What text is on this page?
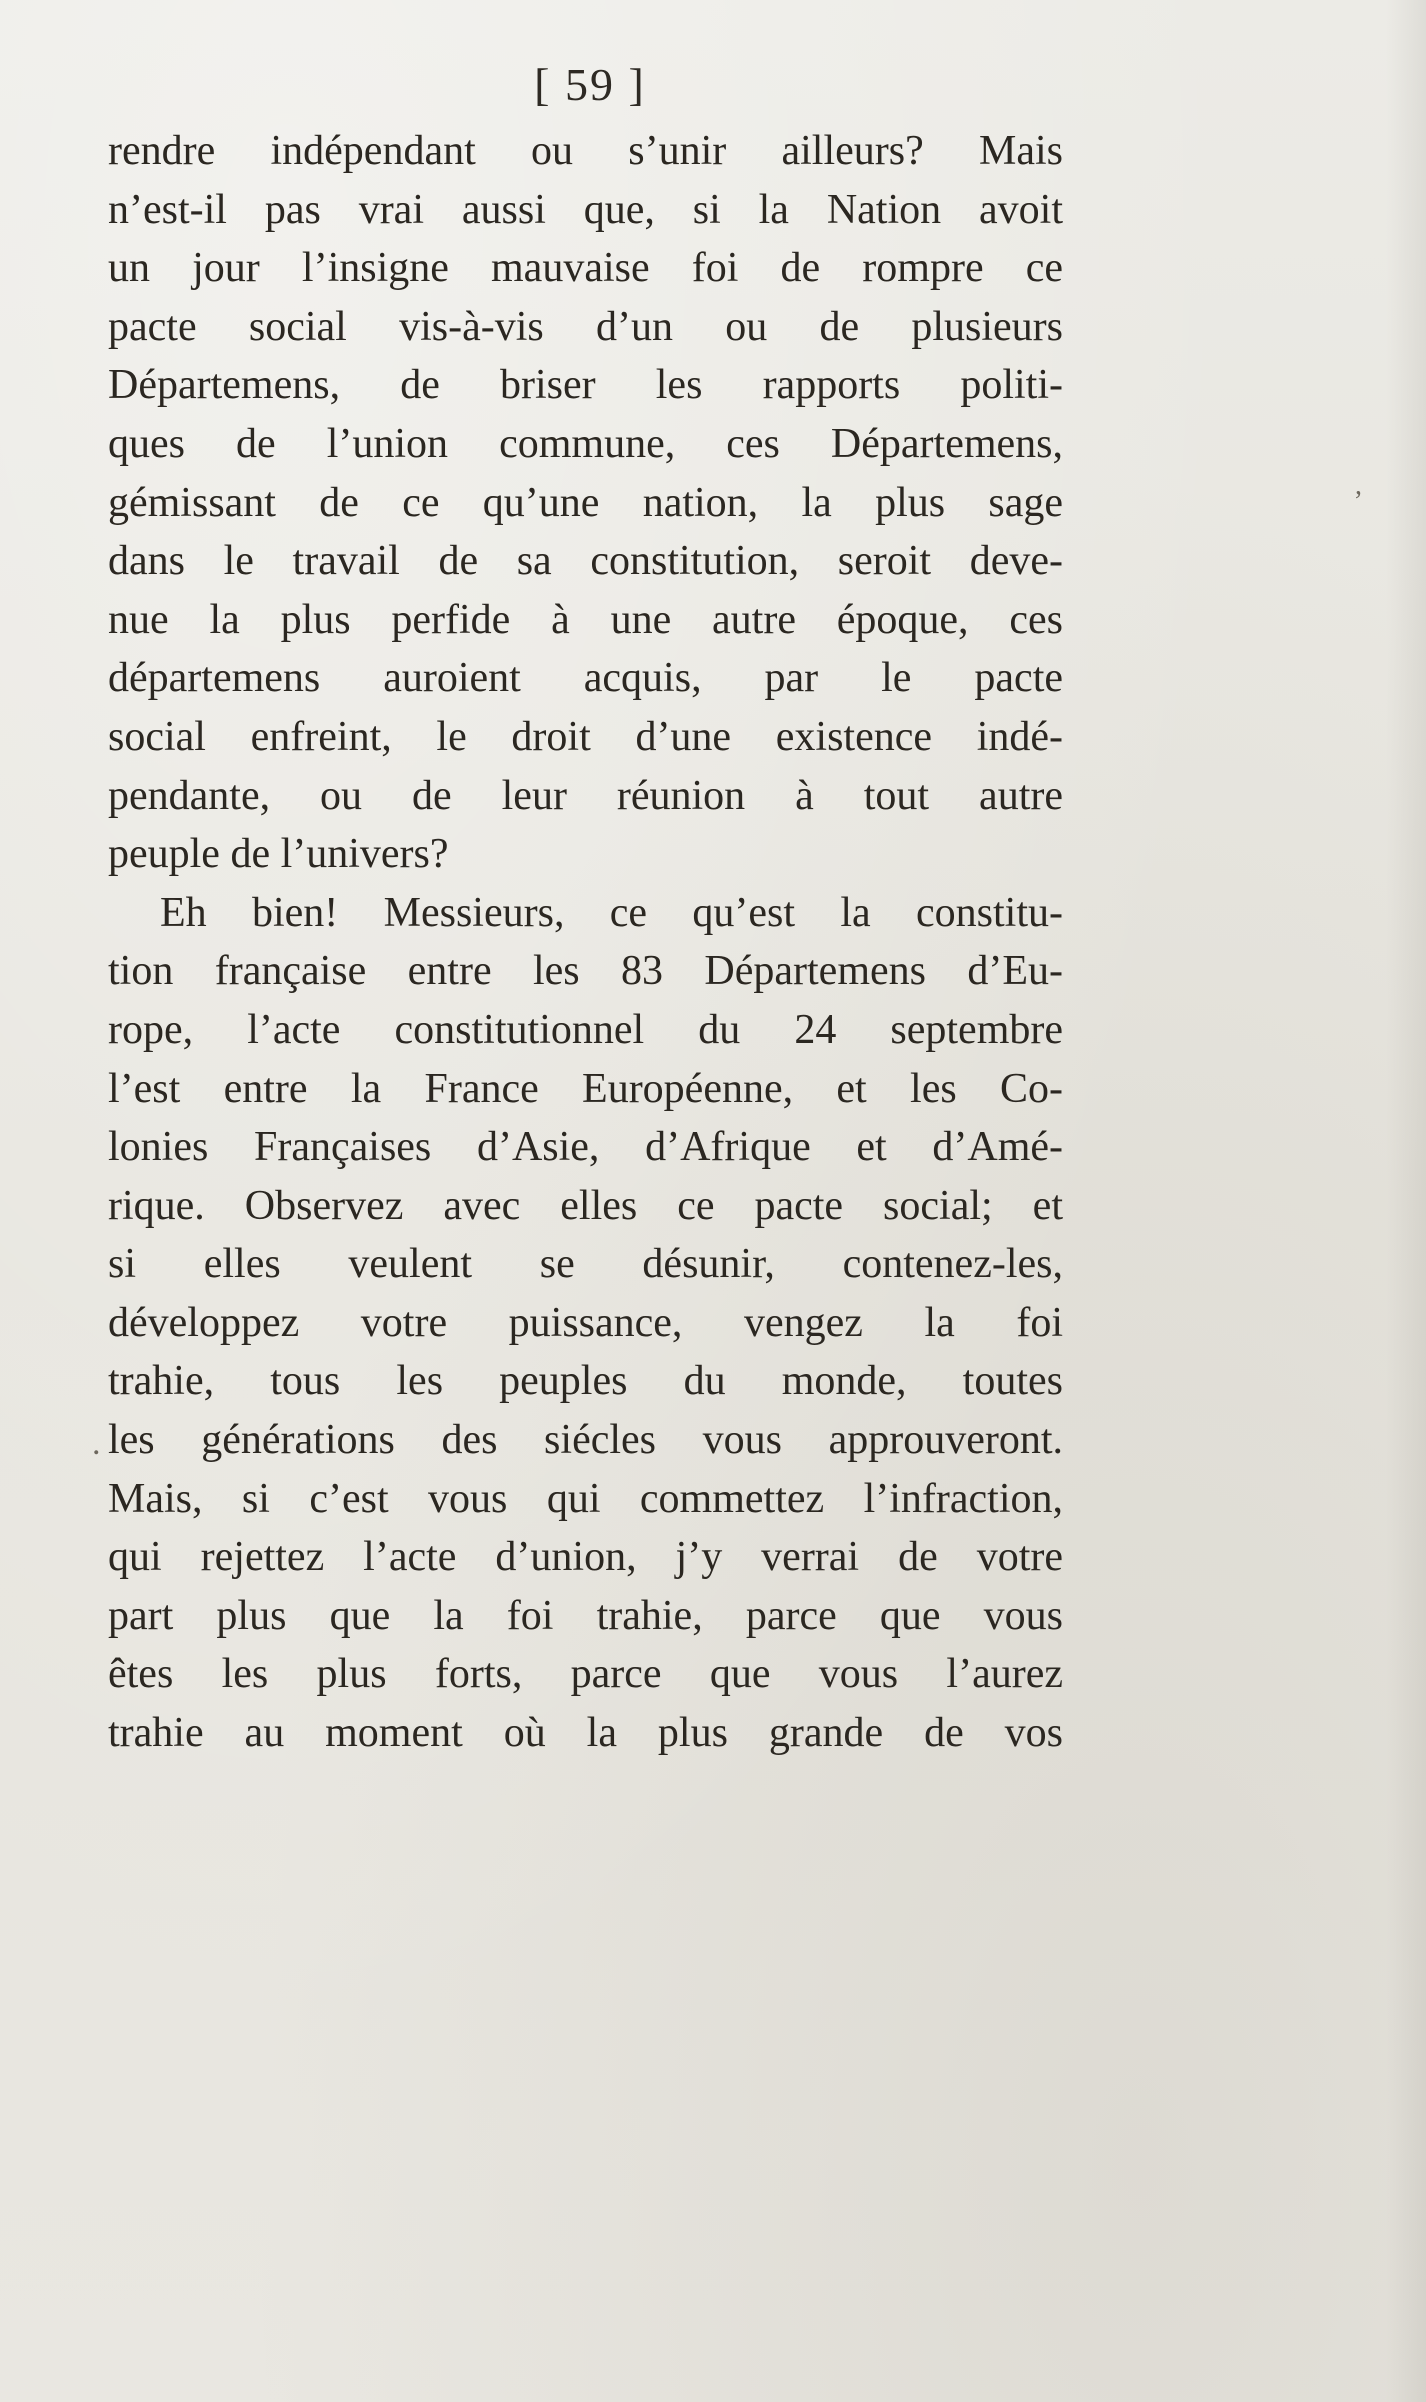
[ 59 ]
rendre indépendant ou s’unir ailleurs? Mais
n’est-il pas vrai aussi que, si la Nation avoit
un jour l’insigne mauvaise foi de rompre ce
pacte social vis-à-vis d’un ou de plusieurs
Départemens, de briser les rapports politi-
ques de l’union commune, ces Départemens,
gémissant de ce qu’une nation, la plus sage
dans le travail de sa constitution, seroit deve-
nue la plus perfide à une autre époque, ces
départemens auroient acquis, par le pacte
social enfreint, le droit d’une existence indé-
pendante, ou de leur réunion à tout autre
peuple de l’univers?
Eh bien! Messieurs, ce qu’est la constitu-
tion française entre les 83 Départemens d’Eu-
rope, l’acte constitutionnel du 24 septembre
l’est entre la France Européenne, et les Co-
lonies Françaises d’Asie, d’Afrique et d’Amé-
rique. Observez avec elles ce pacte social; et
si elles veulent se désunir, contenez-les,
développez votre puissance, vengez la foi
trahie, tous les peuples du monde, toutes
les générations des siécles vous approuveront.
Mais, si c’est vous qui commettez l’infraction,
qui rejettez l’acte d’union, j’y verrai de votre
part plus que la foi trahie, parce que vous
êtes les plus forts, parce que vous l’aurez
trahie au moment où la plus grande de vos
.
,
